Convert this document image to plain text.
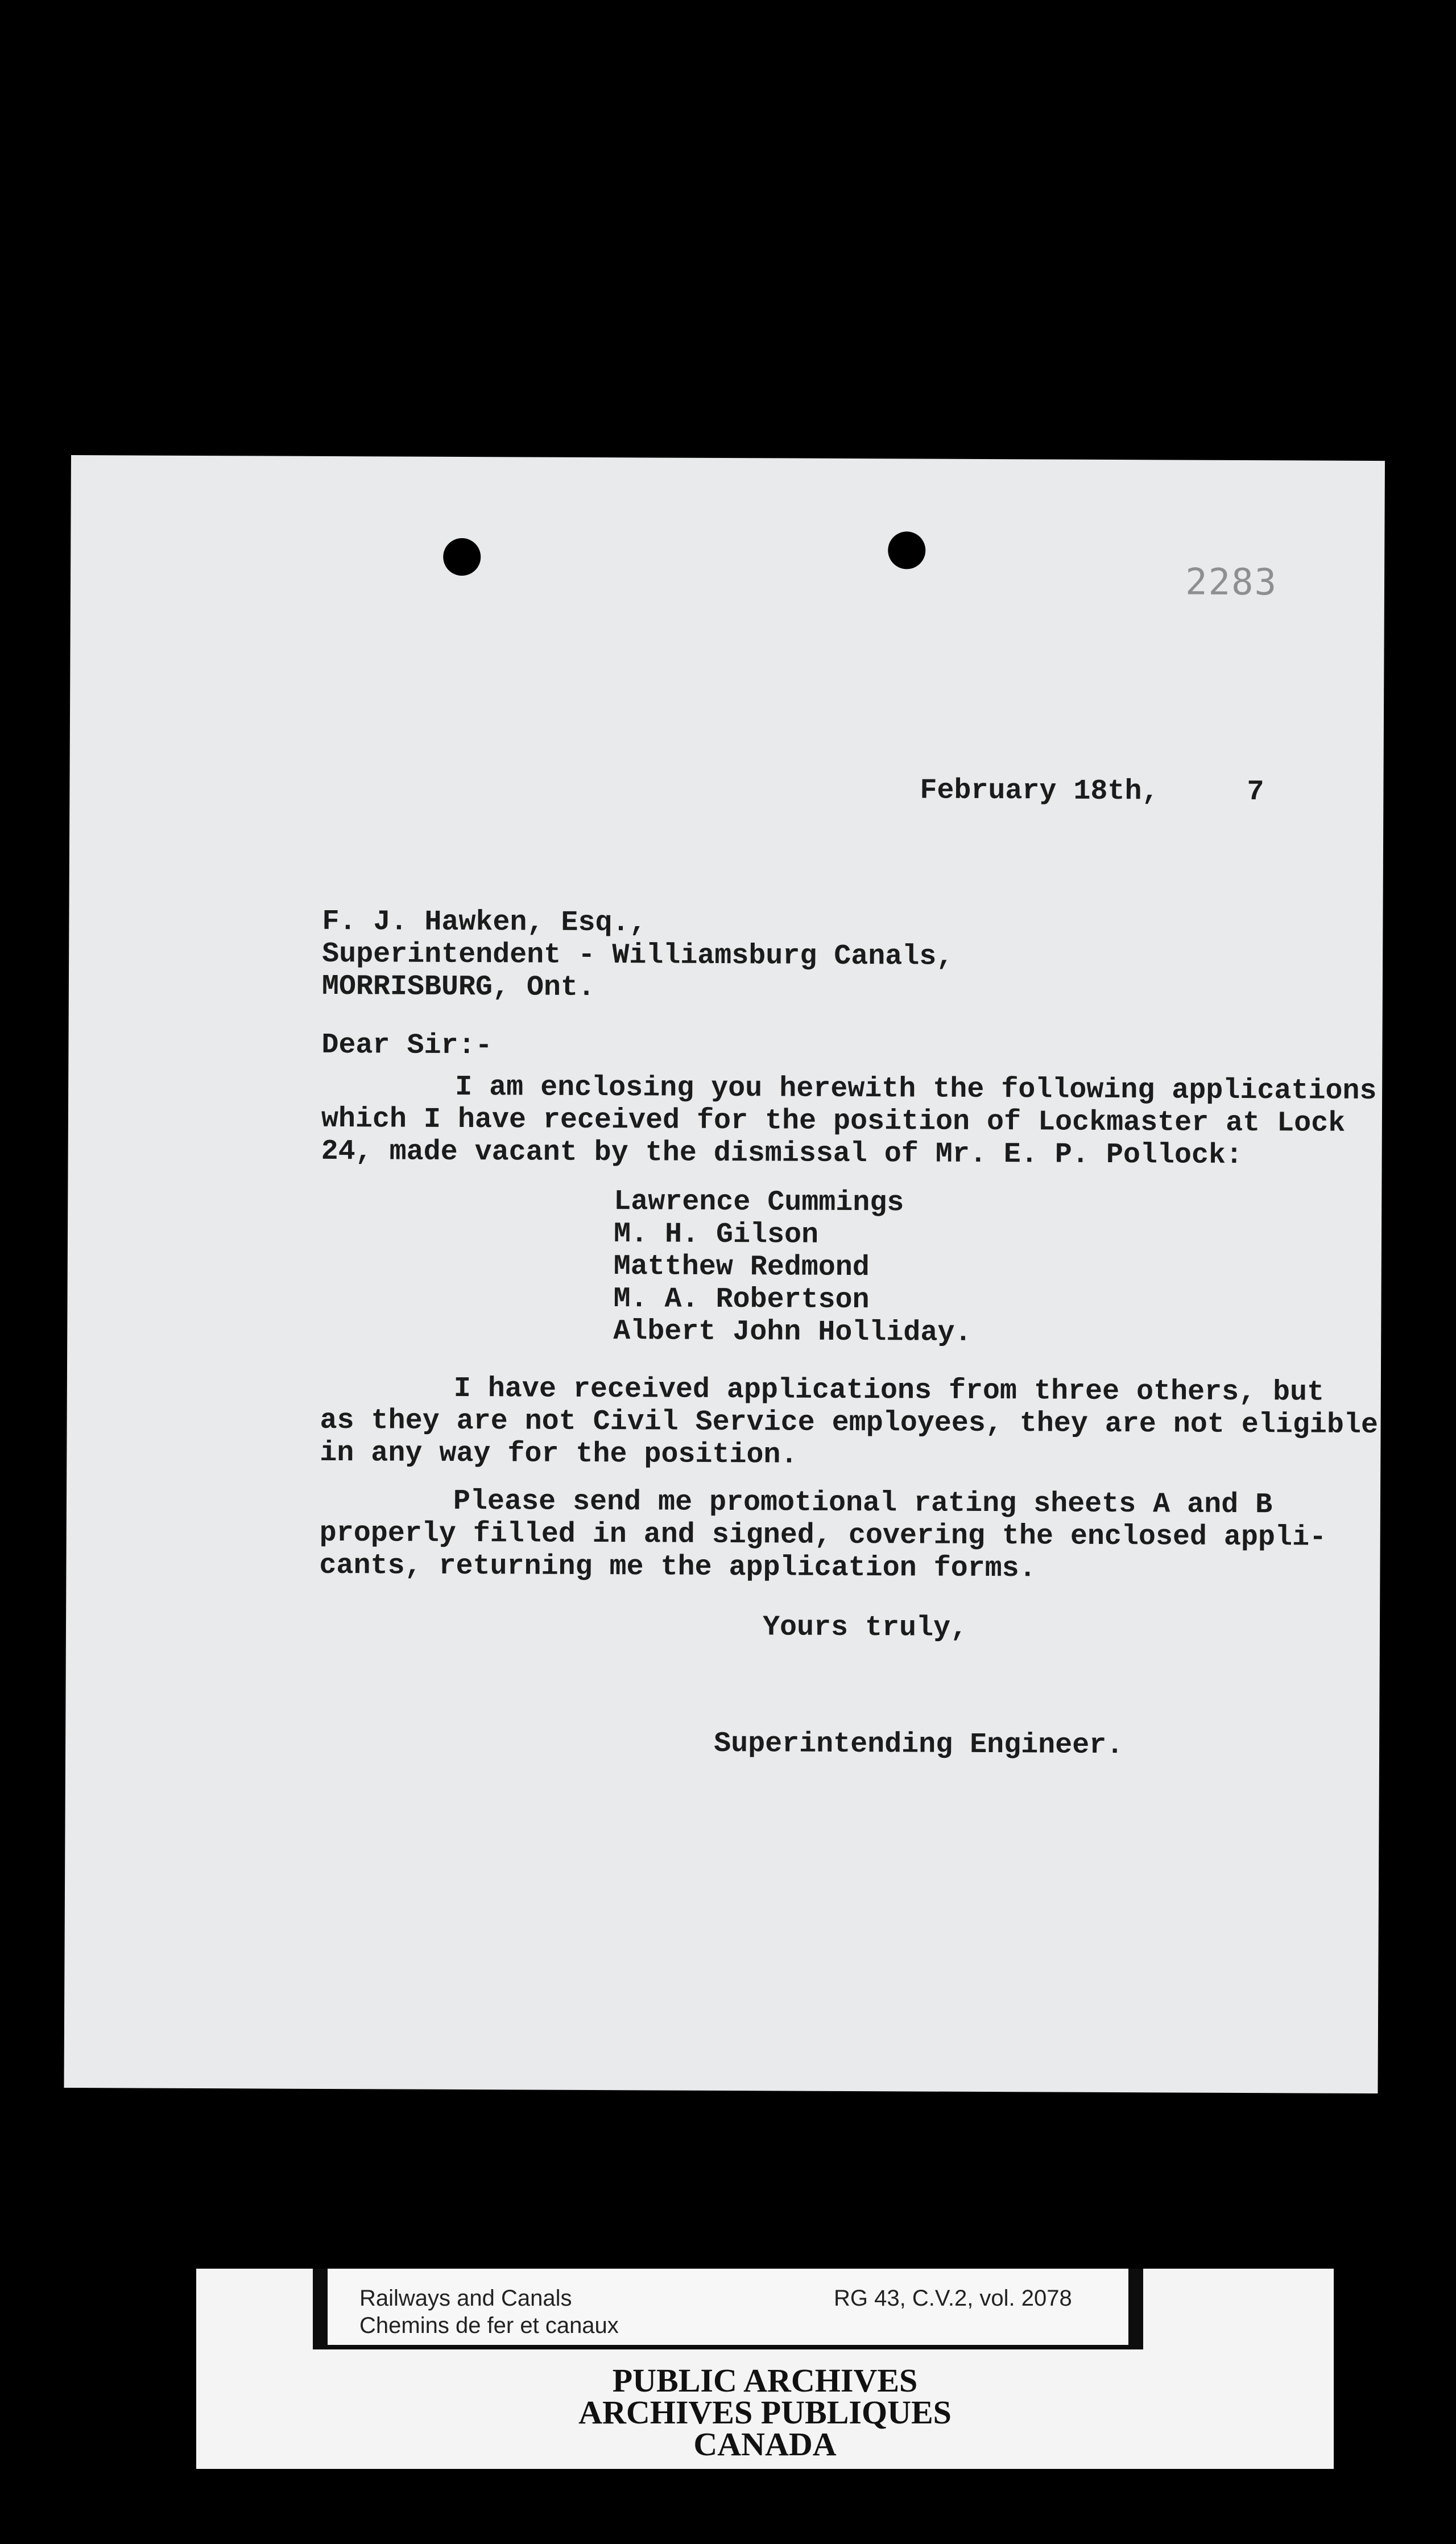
2283
February 18th,	7
F. J. Hawken, Esq.,
Superintendent - Williamsburg Canals,
MORRISBURG, Ont.
Dear Sir:-
I am enclosing you herewith the following applications
which I have received for the position of Lockmaster at Lock
24, made vacant by the dismissal of Mr. E. P. Pollock:
Lawrence Cummings
M. H. Gilson
Matthew Redmond
M. A. Robertson
Albert John Holliday.
I have received applications from three others, but
as they are not Civil Service employees, they are not eligible
in any way for the position.
Please send me promotional rating sheets A and B
properly filled in and signed, covering the enclosed appli-
cants, returning me the application forms.
Yours truly,
Superintending Engineer.
Railways and Canals
Chemins de fer et canaux
RG 43, C.V.2, vol. 2078
PUBLIC ARCHIVES
ARCHIVES PUBLIQUES
CANADA
